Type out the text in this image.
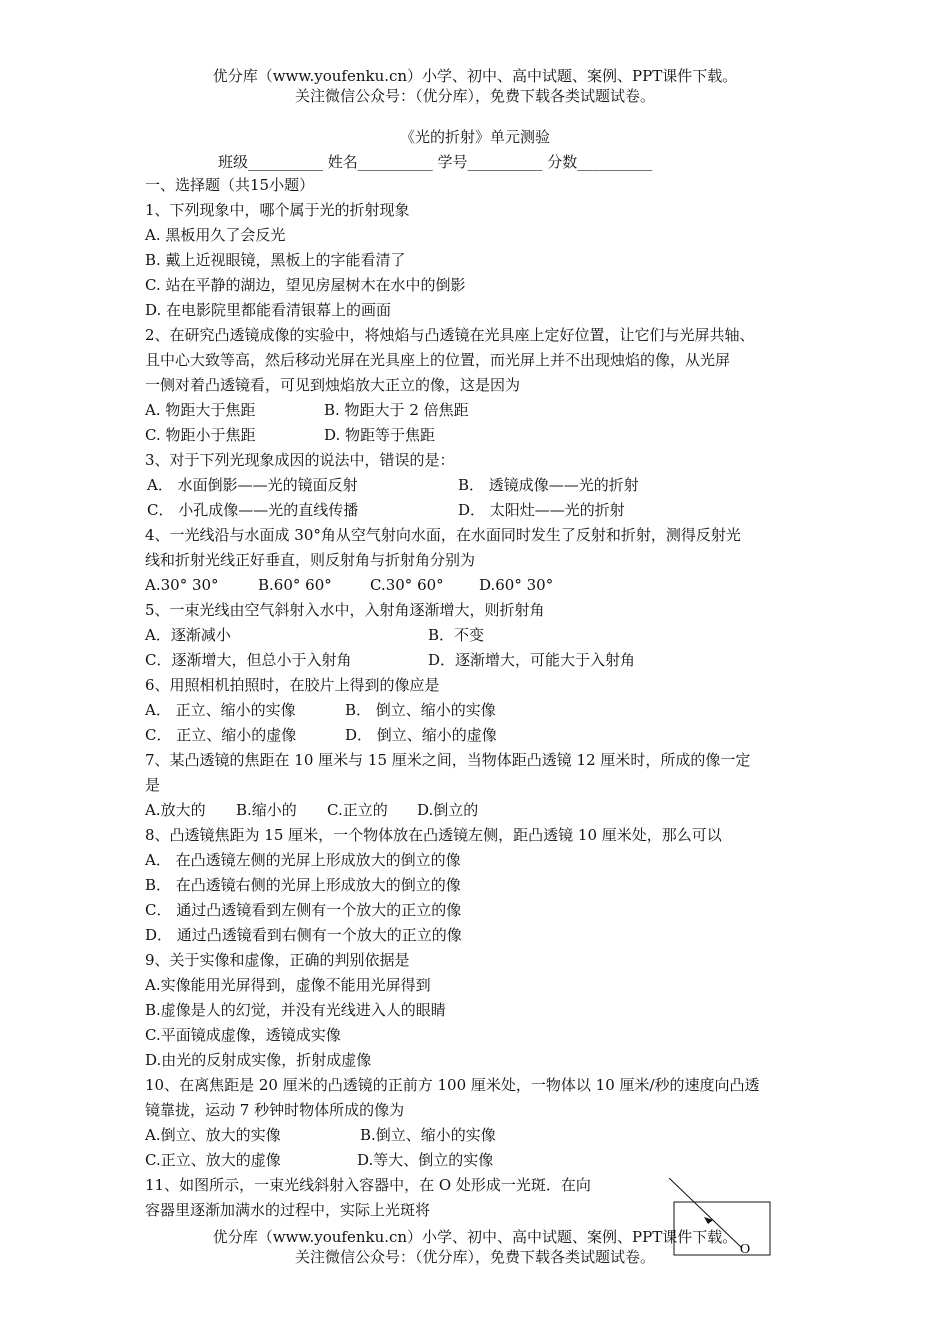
优分库（www.youfenku.cn）小学、初中、高中试题、案例、PPT课件下载。
关注微信公众号：（优分库），免费下载各类试题试卷。
《光的折射》单元测验
班级__________ 姓名__________ 学号__________ 分数__________
一、选择题（共15小题）
1、下列现象中，哪个属于光的折射现象
A. 黑板用久了会反光
B. 戴上近视眼镜，黑板上的字能看清了
C. 站在平静的湖边，望见房屋树木在水中的倒影
D. 在电影院里都能看清银幕上的画面
2、在研究凸透镜成像的实验中，将烛焰与凸透镜在光具座上定好位置，让它们与光屏共轴、
且中心大致等高，然后移动光屏在光具座上的位置，而光屏上并不出现烛焰的像，从光屏
一侧对着凸透镜看，可见到烛焰放大正立的像，这是因为
A. 物距大于焦距	B. 物距大于 2 倍焦距
C. 物距小于焦距	D. 物距等于焦距
3、对于下列光现象成因的说法中，错误的是：
A． 水面倒影——光的镜面反射	B． 透镜成像——光的折射
C． 小孔成像——光的直线传播	D． 太阳灶——光的折射
4、一光线沿与水面成 30°角从空气射向水面，在水面同时发生了反射和折射，测得反射光
线和折射光线正好垂直，则反射角与折射角分别为
A.30° 30°	B.60° 60°	C.30° 60° D.60° 30°
5、一束光线由空气斜射入水中，入射角逐渐增大，则折射角
A．逐渐减小	B．不变
C．逐渐增大，但总小于入射角	D．逐渐增大，可能大于入射角
6、用照相机拍照时，在胶片上得到的像应是
A． 正立、缩小的实像	B． 倒立、缩小的实像
C． 正立、缩小的虚像	D． 倒立、缩小的虚像
7、某凸透镜的焦距在 10 厘米与 15 厘米之间，当物体距凸透镜 12 厘米时，所成的像一定
是
A.放大的 B.缩小的 C.正立的 D.倒立的
8、凸透镜焦距为 15 厘米，一个物体放在凸透镜左侧，距凸透镜 10 厘米处，那么可以
A． 在凸透镜左侧的光屏上形成放大的倒立的像
B． 在凸透镜右侧的光屏上形成放大的倒立的像
C． 通过凸透镜看到左侧有一个放大的正立的像
D． 通过凸透镜看到右侧有一个放大的正立的像
9、关于实像和虚像，正确的判别依据是
A.实像能用光屏得到，虚像不能用光屏得到
B.虚像是人的幻觉，并没有光线进入人的眼睛
C.平面镜成虚像，透镜成实像
D.由光的反射成实像，折射成虚像
10、在离焦距是 20 厘米的凸透镜的正前方 100 厘米处，一物体以 10 厘米/秒的速度向凸透
镜靠拢，运动 7 秒钟时物体所成的像为
A.倒立、放大的实像	B.倒立、缩小的实像
C.正立、放大的虚像	D.等大、倒立的实像
11、如图所示，一束光线斜射入容器中，在 O 处形成一光斑．在向
容器里逐渐加满水的过程中，实际上光斑将
O
优分库（www.youfenku.cn）小学、初中、高中试题、案例、PPT课件下载。
关注微信公众号：（优分库），免费下载各类试题试卷。
